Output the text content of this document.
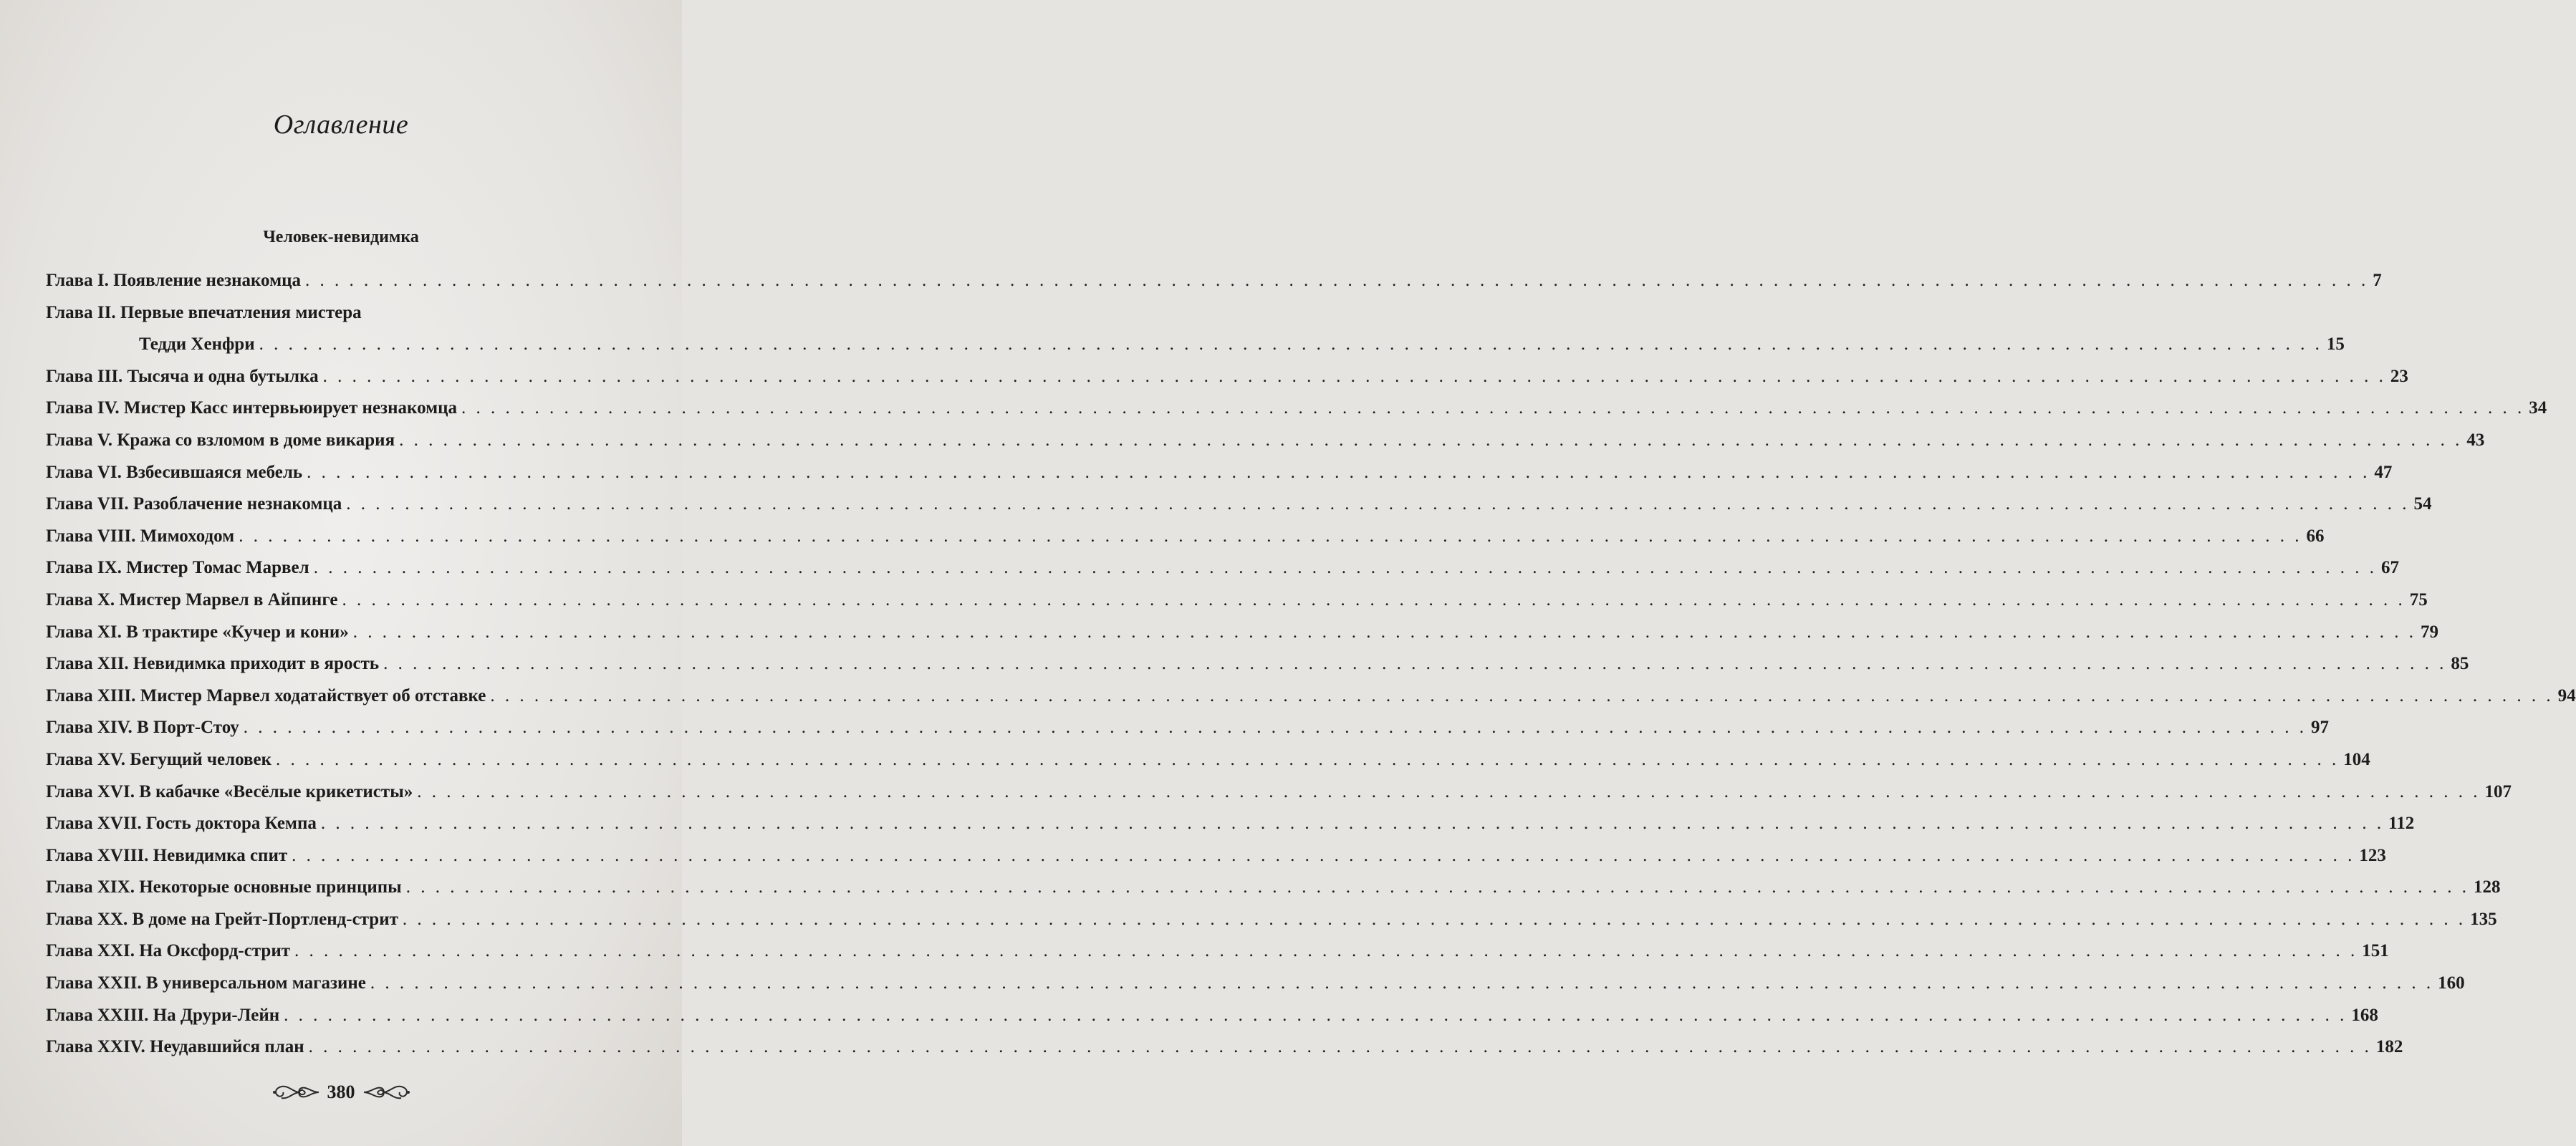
Оглавление
Человек-невидимка
Глава I. Появление незнакомца . . .	7
Глава II. Первые впечатления мистера
Тедди Хенфри . . .	15
Глава III. Тысяча и одна бутылка . . .	23
Глава IV. Мистер Касс интервьюирует незнакомца . . .	34
Глава V. Кража со взломом в доме викария . . .	43
Глава VI. Взбесившаяся мебель . . .	47
Глава VII. Разоблачение незнакомца . . .	54
Глава VIII. Мимоходом . . .	66
Глава IX. Мистер Томас Марвел . . .	67
Глава X. Мистер Марвел в Айпинге . . .	75
Глава XI. В трактире «Кучер и кони» . . .	79
Глава XII. Невидимка приходит в ярость . . .	85
Глава XIII. Мистер Марвел ходатайствует об отставке . . .	94
Глава XIV. В Порт-Стоу . . .	97
Глава XV. Бегущий человек . . .	104
Глава XVI. В кабачке «Весёлые крикетисты» . . .	107
Глава XVII. Гость доктора Кемпа . . .	112
Глава XVIII. Невидимка спит . . .	123
Глава XIX. Некоторые основные принципы . . .	128
Глава XX. В доме на Грейт-Портленд-стрит . . .	135
Глава XXI. На Оксфорд-стрит . . .	151
Глава XXII. В универсальном магазине . . .	160
Глава XXIII. На Друри-Лейн . . .	168
Глава XXIV. Неудавшийся план . . .	182
380
